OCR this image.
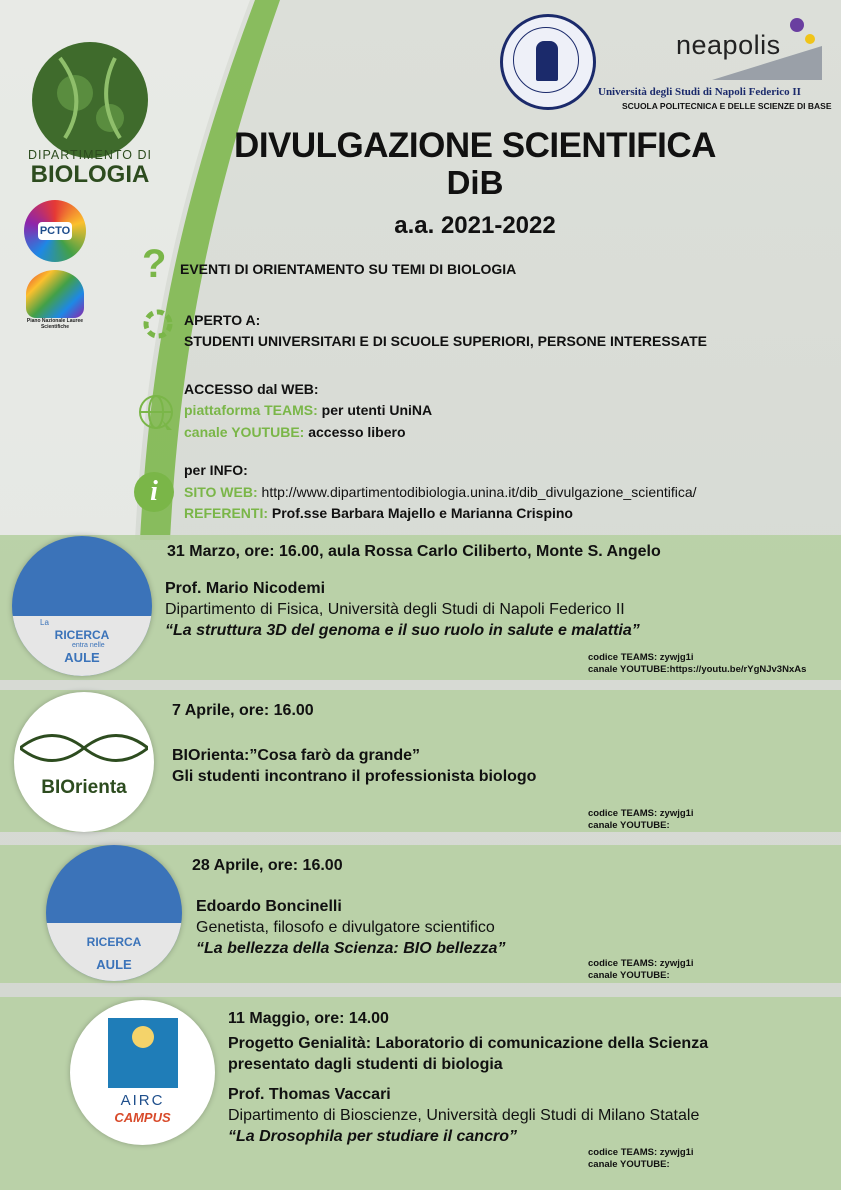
DIPARTIMENTO DI
BIOLOGIA
PCTO
Piano Nazionale Lauree Scientifiche
neapolis
Università degli Studi di Napoli Federico II
SCUOLA POLITECNICA E DELLE SCIENZE DI BASE
DIVULGAZIONE SCIENTIFICA
DiB
a.a. 2021-2022
? EVENTI DI ORIENTAMENTO SU TEMI DI BIOLOGIA
APERTO A:
STUDENTI UNIVERSITARI E DI SCUOLE SUPERIORI, PERSONE INTERESSATE
ACCESSO dal WEB:
piattaforma TEAMS: per utenti UniNA
canale YOUTUBE: accesso libero
i
per INFO:
SITO WEB: http://www.dipartimentodibiologia.unina.it/dib_divulgazione_scientifica/
REFERENTI: Prof.sse Barbara Majello e Marianna Crispino
La
RICERCA
entra nelle
AULE
31 Marzo, ore: 16.00, aula Rossa Carlo Ciliberto, Monte S. Angelo
Prof. Mario Nicodemi
Dipartimento di Fisica, Università degli Studi di Napoli Federico II
“La struttura 3D del genoma e il suo ruolo in salute e malattia”
codice TEAMS: zywjg1i
canale YOUTUBE:https://youtu.be/rYgNJv3NxAs
BIOrienta
7 Aprile, ore: 16.00
BIOrienta:”Cosa farò da grande”
Gli studenti incontrano il professionista biologo
codice TEAMS: zywjg1i
canale YOUTUBE:
RICERCA
AULE
28 Aprile, ore: 16.00
Edoardo Boncinelli
Genetista, filosofo e divulgatore scientifico
“La bellezza della Scienza: BIO bellezza”
codice TEAMS: zywjg1i
canale YOUTUBE:
AIRC
CAMPUS
11 Maggio, ore: 14.00
Progetto Genialità: Laboratorio di comunicazione della Scienza
presentato dagli studenti di biologia
Prof. Thomas Vaccari
Dipartimento di Bioscienze, Università degli Studi di Milano Statale
“La Drosophila per studiare il cancro”
codice TEAMS: zywjg1i
canale YOUTUBE:
